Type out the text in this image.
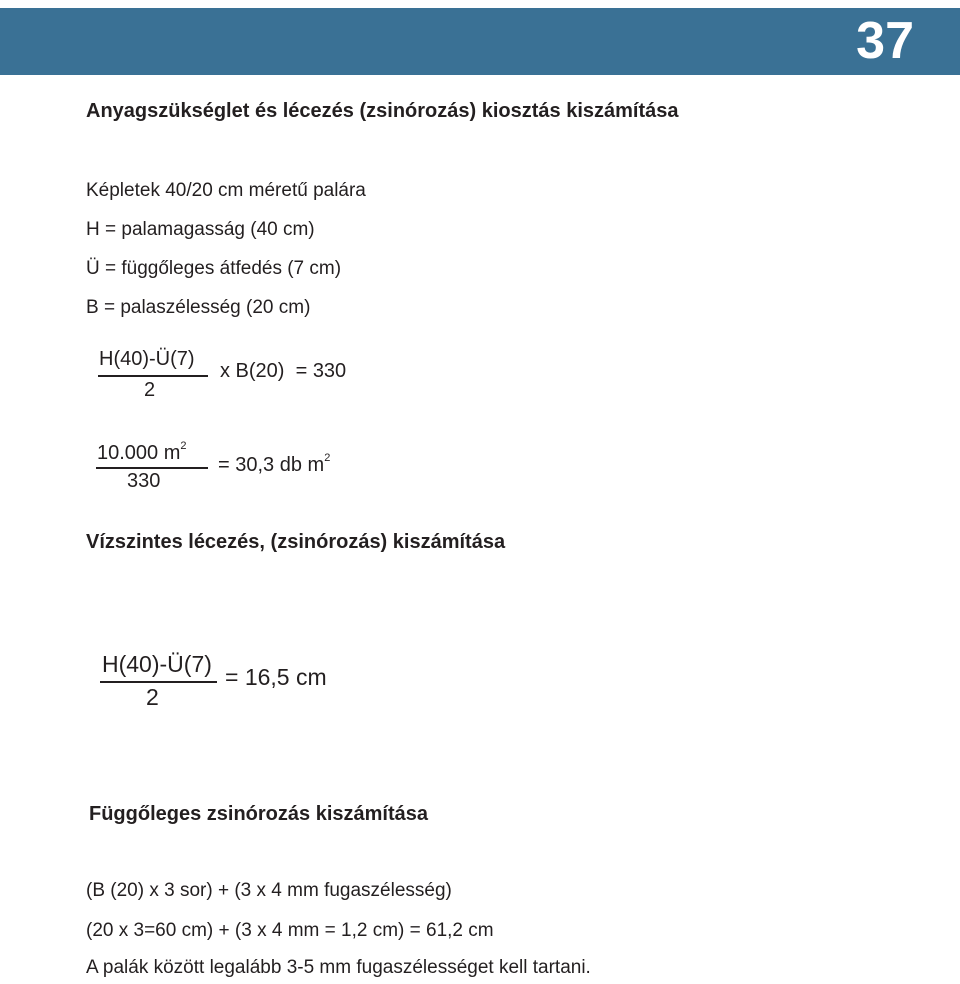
37
Anyagszükséglet és lécezés (zsinórozás) kiosztás kiszámítása
Képletek 40/20 cm méretű palára
H = palamagasság (40 cm)
Ü = függőleges átfedés (7 cm)
B = palaszélesség (20 cm)
H(40)-Ü(7)
2
x B(20)  = 330
10.000 $m^2$
330
= 30,3 db $m^2$
Vízszintes lécezés, (zsinórozás) kiszámítása
H(40)-Ü(7)
2
= 16,5 cm
Függőleges zsinórozás kiszámítása
(B (20) x 3 sor) + (3 x 4 mm fugaszélesség)
(20 x 3=60 cm) + (3 x 4 mm = 1,2 cm) = 61,2 cm
A palák között legalább 3-5 mm fugaszélességet kell tartani.
